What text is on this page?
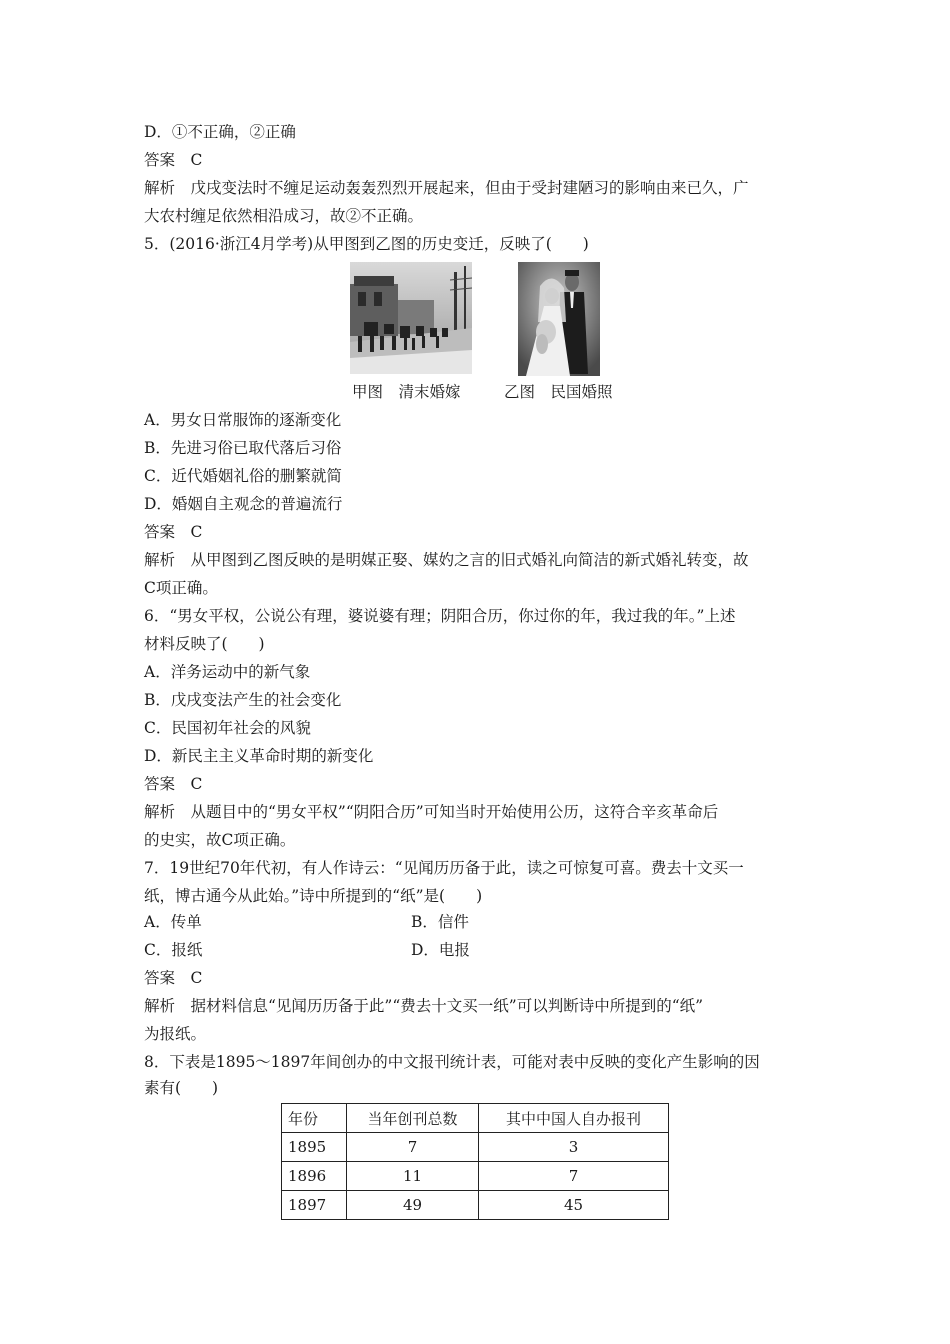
D．①不正确，②正确
答案　C
解析　戊戌变法时不缠足运动轰轰烈烈开展起来，但由于受封建陋习的影响由来已久，广
大农村缠足依然相沿成习，故②不正确。
5．(2016·浙江4月学考)从甲图到乙图的历史变迁，反映了(　　)
甲图　清末婚嫁	乙图　民国婚照
A．男女日常服饰的逐渐变化
B．先进习俗已取代落后习俗
C．近代婚姻礼俗的删繁就简
D．婚姻自主观念的普遍流行
答案　C
解析　从甲图到乙图反映的是明媒正娶、媒妁之言的旧式婚礼向简洁的新式婚礼转变，故
C项正确。
6．“男女平权，公说公有理，婆说婆有理；阴阳合历，你过你的年，我过我的年。”上述
材料反映了(　　)
A．洋务运动中的新气象
B．戊戌变法产生的社会变化
C．民国初年社会的风貌
D．新民主主义革命时期的新变化
答案　C
解析　从题目中的“男女平权”“阴阳合历”可知当时开始使用公历，这符合辛亥革命后
的史实，故C项正确。
7．19世纪70年代初，有人作诗云：“见闻历历备于此，读之可惊复可喜。费去十文买一
纸，博古通今从此始。”诗中所提到的“纸”是(　　)
A．传单	B．信件
C．报纸	D．电报
答案　C
解析　据材料信息“见闻历历备于此”“费去十文买一纸”可以判断诗中所提到的“纸”
为报纸。
8．下表是1895～1897年间创办的中文报刊统计表，可能对表中反映的变化产生影响的因
素有(　　)
年份	当年创刊总数	其中中国人自办报刊
1895	7	3
1896	11	7
1897	49	45
